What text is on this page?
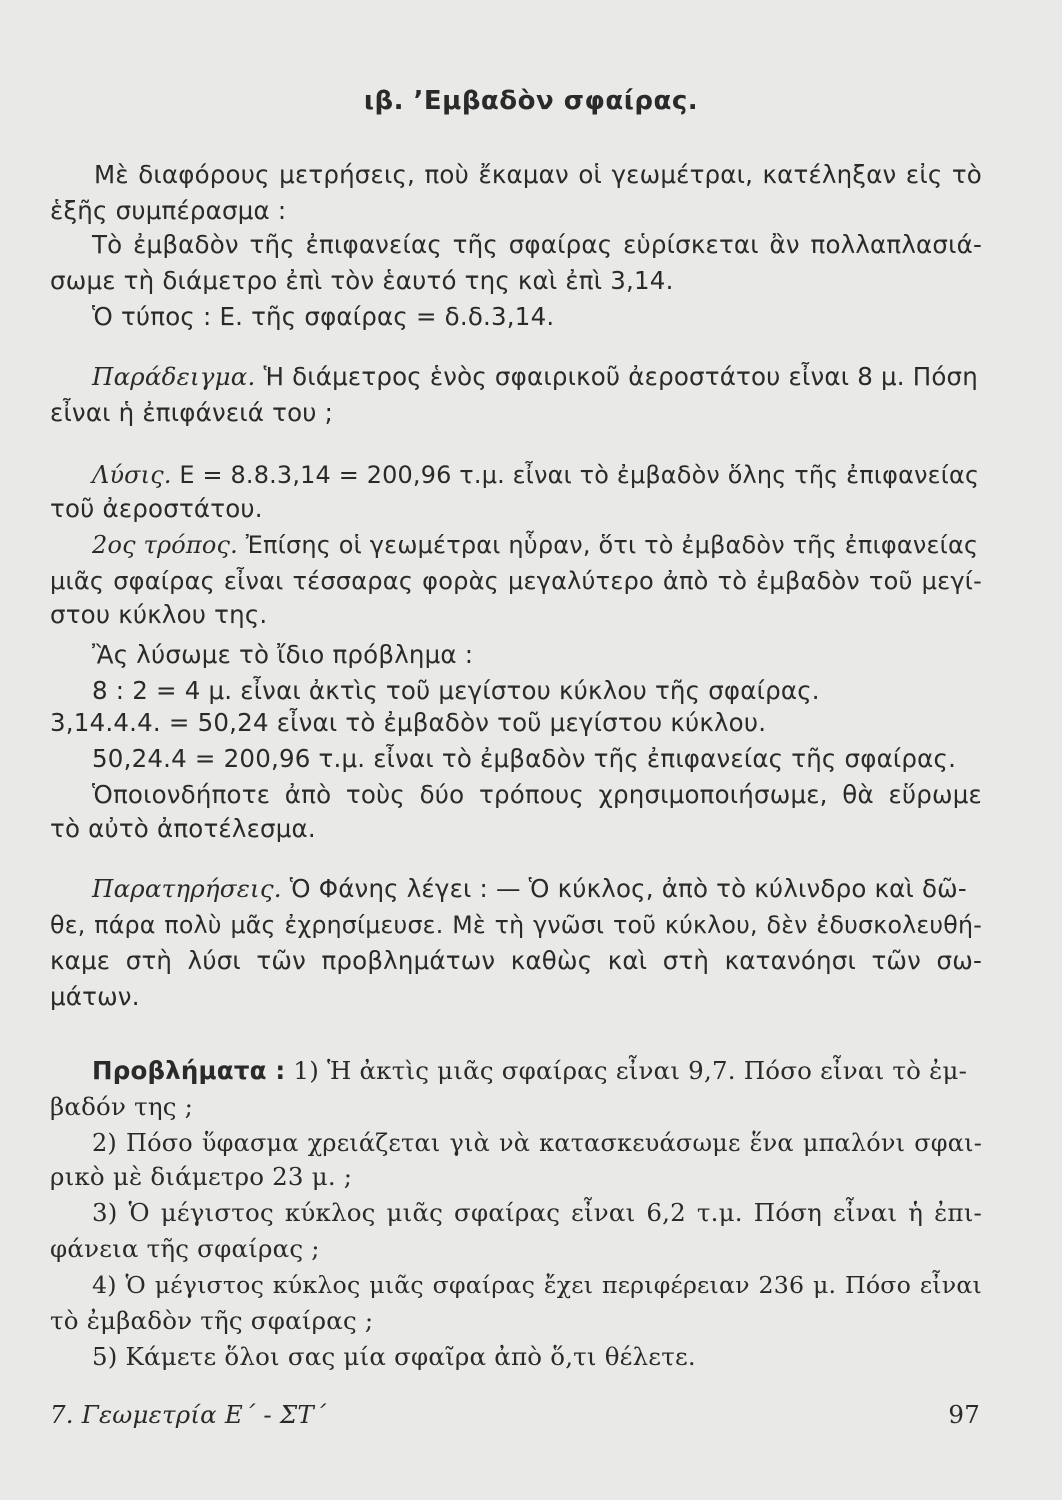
ιβ. ’Εμβαδὸν σφαίρας.
Μὲ διαφόρους μετρήσεις, ποὺ ἔκαμαν οἱ γεωμέτραι, κατέληξαν εἰς τὸ
ἑξῆς συμπέρασμα :
Τὸ ἐμβαδὸν τῆς ἐπιφανείας τῆς σφαίρας εὑρίσκεται ἂν πολλαπλασιά-
σωμε τὴ διάμετρο ἐπὶ τὸν ἑαυτό της καὶ ἐπὶ 3,14.
Ὁ τύπος : Ε. τῆς σφαίρας = δ.δ.3,14.
Παράδειγμα. Ἡ διάμετρος ἑνὸς σφαιρικοῦ ἀεροστάτου εἶναι 8 μ. Πόση
εἶναι ἡ ἐπιφάνειά του ;
Λύσις. Ε = 8.8.3,14 = 200,96 τ.μ. εἶναι τὸ ἐμβαδὸν ὅλης τῆς ἐπιφανείας
τοῦ ἀεροστάτου.
2ος τρόπος. Ἐπίσης οἱ γεωμέτραι ηὗραν, ὅτι τὸ ἐμβαδὸν τῆς ἐπιφανείας
μιᾶς σφαίρας εἶναι τέσσαρας φορὰς μεγαλύτερο ἀπὸ τὸ ἐμβαδὸν τοῦ μεγί-
στου κύκλου της.
Ἂς λύσωμε τὸ ἴδιο πρόβλημα :
8 : 2 = 4 μ. εἶναι ἀκτὶς τοῦ μεγίστου κύκλου τῆς σφαίρας.
3,14.4.4. = 50,24 εἶναι τὸ ἐμβαδὸν τοῦ μεγίστου κύκλου.
50,24.4 = 200,96 τ.μ. εἶναι τὸ ἐμβαδὸν τῆς ἐπιφανείας τῆς σφαίρας.
Ὁποιονδήποτε ἀπὸ τοὺς δύο τρόπους χρησιμοποιήσωμε, θὰ εὕρωμε
τὸ αὐτὸ ἀποτέλεσμα.
Παρατηρήσεις. Ὁ Φάνης λέγει : — Ὁ κύκλος, ἀπὸ τὸ κύλινδρο καὶ δῶ-
θε, πάρα πολὺ μᾶς ἐχρησίμευσε. Μὲ τὴ γνῶσι τοῦ κύκλου, δὲν ἐδυσκολευθή-
καμε στὴ λύσι τῶν προβλημάτων καθὼς καὶ στὴ κατανόησι τῶν σω-
μάτων.
Προβλήματα : 1) Ἡ ἀκτὶς μιᾶς σφαίρας εἶναι 9,7. Πόσο εἶναι τὸ ἐμ-
βαδόν της ;
2) Πόσο ὕφασμα χρειάζεται γιὰ νὰ κατασκευάσωμε ἕνα μπαλόνι σφαι-
ρικὸ μὲ διάμετρο 23 μ. ;
3) Ὁ μέγιστος κύκλος μιᾶς σφαίρας εἶναι 6,2 τ.μ. Πόση εἶναι ἡ ἐπι-
φάνεια τῆς σφαίρας ;
4) Ὁ μέγιστος κύκλος μιᾶς σφαίρας ἔχει περιφέρειαν 236 μ. Πόσο εἶναι
τὸ ἐμβαδὸν τῆς σφαίρας ;
5) Κάμετε ὅλοι σας μία σφαῖρα ἀπὸ ὅ,τι θέλετε.
7. Γεωμετρία Ε΄ - ΣΤ΄	97
